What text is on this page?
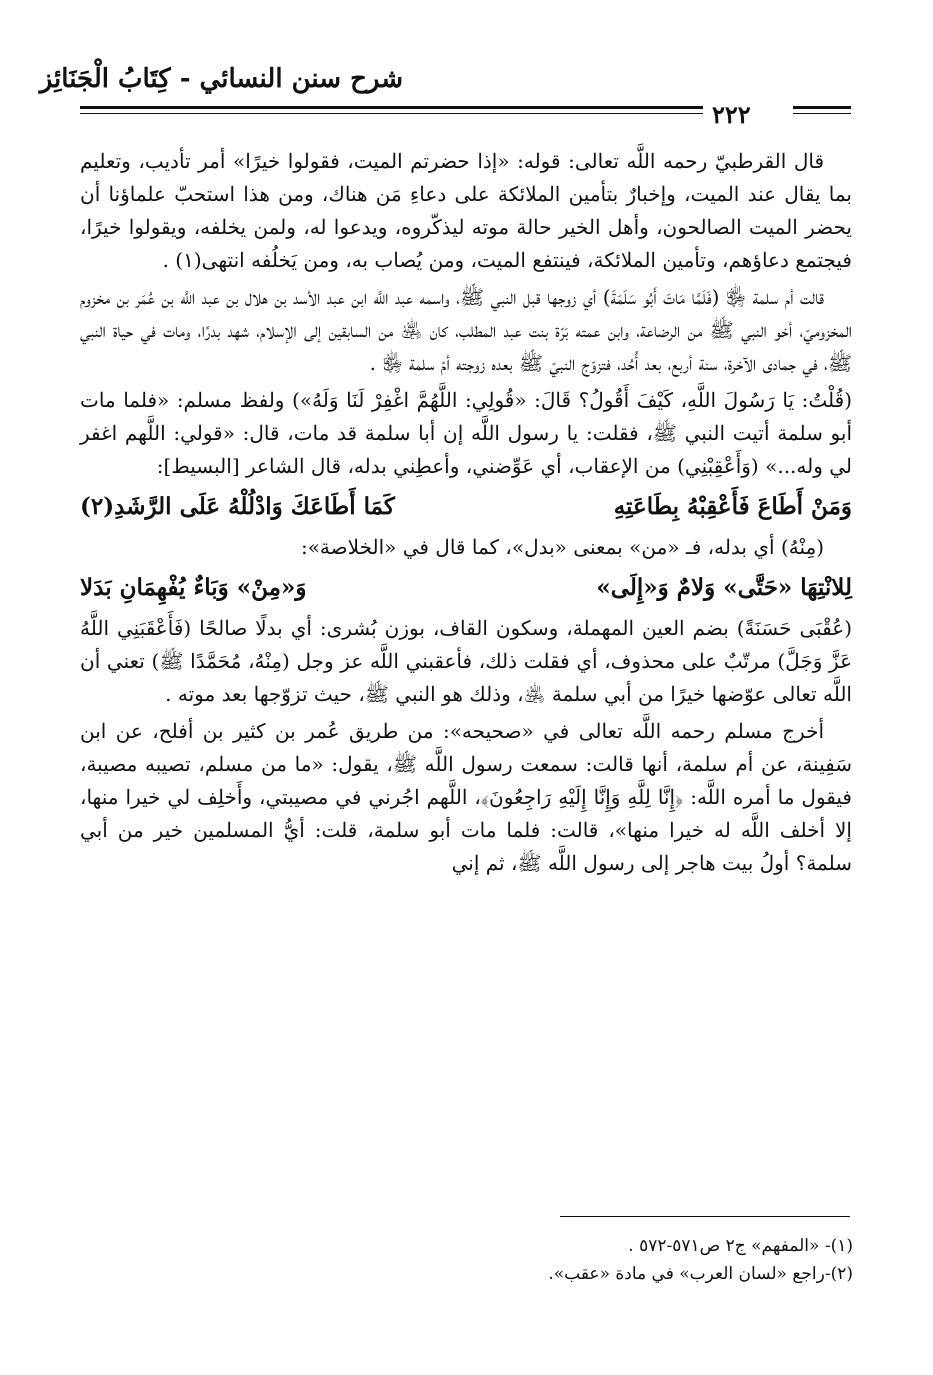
شرح سنن النسائي - كِتَابُ الْجَنَائِز
٢٢٢

قال القرطبيّ رحمه اللَّه تعالى: قوله: «إذا حضرتم الميت، فقولوا خيرًا» أمر تأديب، وتعليم بما يقال عند الميت، وإخبارٌ بتأمين الملائكة على دعاءِ مَن هناك، ومن هذا استحبّ علماؤنا أن يحضر الميت الصالحون، وأهل الخير حالة موته ليذكّروه، ويدعوا له، ولمن يخلفه، ويقولوا خيرًا، فيجتمع دعاؤهم، وتأمين الملائكة، فينتفع الميت، ومن يُصاب به، ومن يَخلُفه انتهى(١) .

قالت أم سلمة ﵂ (فَلَمَّا مَاتَ أَبُو سَلَمَةَ) أي زوجها قبل النبي ﷺ، واسمه عبد اللَّه ابن عبد الأسد بن هلال بن عبد اللَّه بن عُمَر بن مخزوم المخزوميّ، أخو النبي ﷺ من الرضاعة، وابن عمته بَرّة بنت عبد المطلب، كان ﵁ من السابقين إلى الإسلام، شهد بدرًا، ومات في حياة النبي ﷺ، في جمادى الآخرة، سنة أربع، بعد أُحُد، فتزوّج النبيّ ﷺ بعده زوجته أمّ سلمة ﵂ .

(قُلْتُ: يَا رَسُولَ اللَّهِ، كَيْفَ أَقُولُ؟ قَالَ: «قُولِي: اللَّهُمَّ اغْفِرْ لَنَا وَلَهُ») ولفظ مسلم: «فلما مات أبو سلمة أتيت النبي ﷺ، فقلت: يا رسول اللَّه إن أبا سلمة قد مات، قال: «قولي: اللَّهم اغفر لي وله...» (وَأَعْقِبْنِي) من الإعقاب، أي عَوِّضني، وأعطِني بدله، قال الشاعر [البسيط]:

وَمَنْ أَطَاعَ فَأَعْقِبْهُ بِطَاعَتِهِ
كَمَا أَطَاعَكَ وَادْلُلْهُ عَلَى الرَّشَدِ(٢)

(مِنْهُ) أي بدله، فـ «من» بمعنى «بدل»، كما قال في «الخلاصة»:

لِلانْتِهَا «حَتَّى» وَلامٌ وَ«إِلَى»
وَ«مِنْ» وَبَاءٌ يُفْهِمَانِ بَدَلا

(عُقْبَى حَسَنَةً) بضم العين المهملة، وسكون القاف، بوزن بُشرى: أي بدلًا صالحًا (فَأَعْقَبَنِي اللَّهُ عَزَّ وَجَلَّ) مرتّبٌ على محذوف، أي فقلت ذلك، فأعقبني اللَّه عز وجل (مِنْهُ، مُحَمَّدًا ﷺ) تعني أن اللَّه تعالى عوّضها خيرًا من أبي سلمة ﵁، وذلك هو النبي ﷺ، حيث تزوّجها بعد موته .

أخرج مسلم رحمه اللَّه تعالى في «صحيحه»: من طريق عُمر بن كثير بن أفلح، عن ابن سَفِينة، عن أم سلمة، أنها قالت: سمعت رسول اللَّه ﷺ، يقول: «ما من مسلم، تصيبه مصيبة، فيقول ما أمره اللَّه: ﴿إِنَّا لِلَّهِ وَإِنَّا إِلَيْهِ رَاجِعُونَ﴾، اللَّهم اجُرني في مصيبتي، وأَخلِف لي خيرا منها، إلا أخلف اللَّه له خيرا منها»، قالت: فلما مات أبو سلمة، قلت: أيُّ المسلمين خير من أبي سلمة؟ أولُ بيت هاجر إلى رسول اللَّه ﷺ، ثم إني

(١)- «المفهم» ج٢ ص٥٧١-٥٧٢ .
(٢)-راجع «لسان العرب» في مادة «عقب».
